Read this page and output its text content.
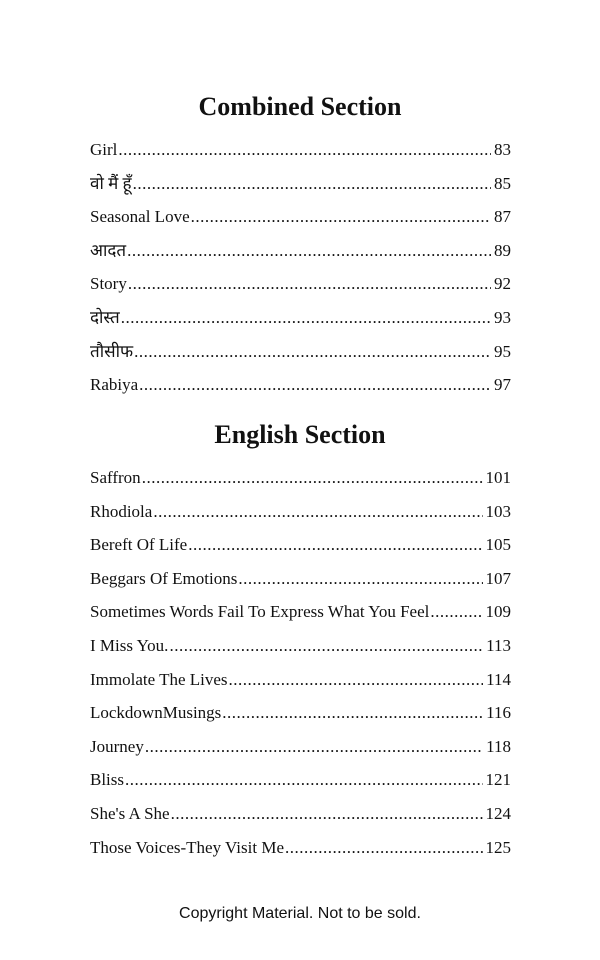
Combined Section
Girl .....	83
वो मैं हूँ .....	85
Seasonal Love .....	87
आदत .....	89
Story .....	92
दोस्त .....	93
तौसीफ .....	95
Rabiya .....	97
English Section
Saffron .....	101
Rhodiola .....	103
Bereft Of Life .....	105
Beggars Of Emotions .....	107
Sometimes Words Fail To Express What You Feel .....	109
I Miss You. .....	113
Immolate The Lives .....	114
LockdownMusings .....	116
Journey .....	118
Bliss .....	121
She's A She .....	124
Those Voices-They Visit Me .....	125
Copyright Material. Not to be sold.
